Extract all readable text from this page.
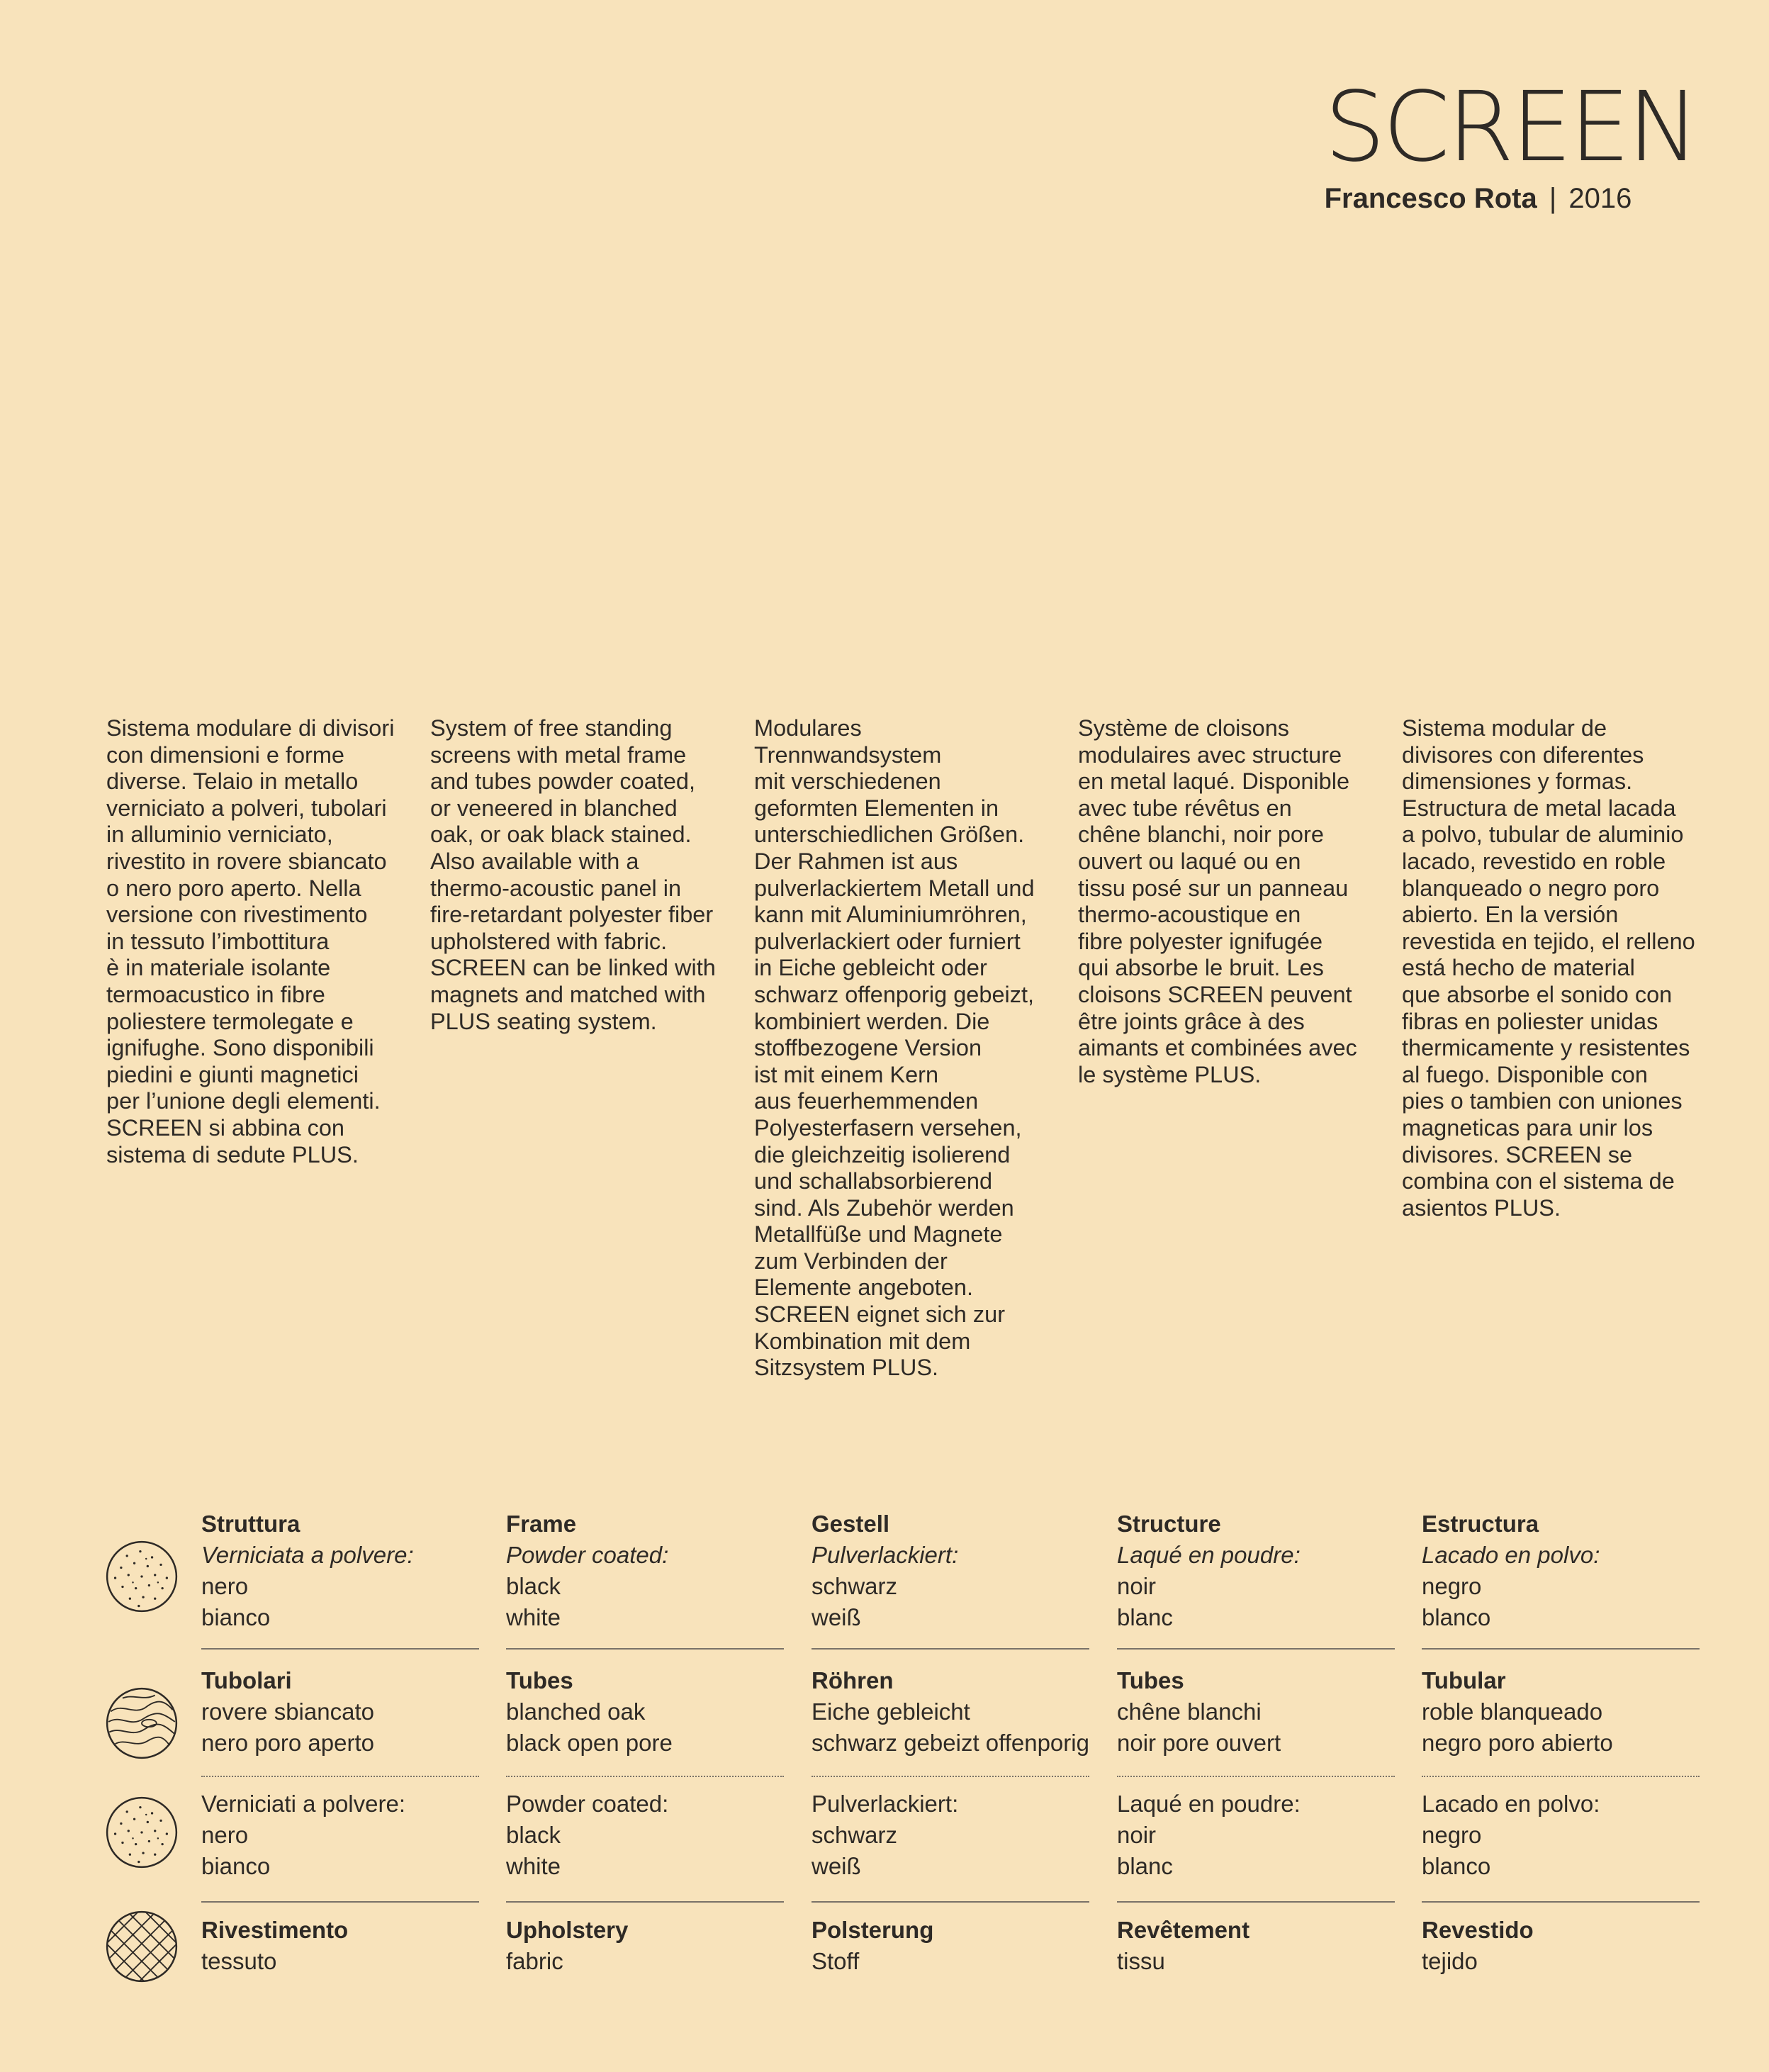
SCREEN
Francesco Rota | 2016
Sistema modulare di divisori
con dimensioni e forme
diverse. Telaio in metallo
verniciato a polveri, tubolari
in alluminio verniciato,
rivestito in rovere sbiancato
o nero poro aperto. Nella
versione con rivestimento
in tessuto l’imbottitura
è in materiale isolante
termoacustico in fibre
poliestere termolegate e
ignifughe. Sono disponibili
piedini e giunti magnetici
per l’unione degli elementi.
SCREEN si abbina con
sistema di sedute PLUS.
System of free standing
screens with metal frame
and tubes powder coated,
or veneered in blanched
oak, or oak black stained.
Also available with a
thermo-acoustic panel in
fire-retardant polyester fiber
upholstered with fabric.
SCREEN can be linked with
magnets and matched with
PLUS seating system.
Modulares
Trennwandsystem
mit verschiedenen
geformten Elementen in
unterschiedlichen Größen.
Der Rahmen ist aus
pulverlackiertem Metall und
kann mit Aluminiumröhren,
pulverlackiert oder furniert
in Eiche gebleicht oder
schwarz offenporig gebeizt,
kombiniert werden. Die
stoffbezogene Version
ist mit einem Kern
aus feuerhemmenden
Polyesterfasern versehen,
die gleichzeitig isolierend
und schallabsorbierend
sind. Als Zubehör werden
Metallfüße und Magnete
zum Verbinden der
Elemente angeboten.
SCREEN eignet sich zur
Kombination mit dem
Sitzsystem PLUS.
Système de cloisons
modulaires avec structure
en metal laqué. Disponible
avec tube révêtus en
chêne blanchi, noir pore
ouvert ou laqué ou en
tissu posé sur un panneau
thermo-acoustique en
fibre polyester ignifugée
qui absorbe le bruit. Les
cloisons SCREEN peuvent
être joints grâce à des
aimants et combinées avec
le système PLUS.
Sistema modular de
divisores con diferentes
dimensiones y formas.
Estructura de metal lacada
a polvo, tubular de aluminio
lacado, revestido en roble
blanqueado o negro poro
abierto. En la versión
revestida en tejido, el relleno
está hecho de material
que absorbe el sonido con
fibras en poliester unidas
thermicamente y resistentes
al fuego. Disponible con
pies o tambien con uniones
magneticas para unir los
divisores. SCREEN se
combina con el sistema de
asientos PLUS.
Struttura
Verniciata a polvere:
nero
bianco
Tubolari
rovere sbiancato
nero poro aperto
Verniciati a polvere:
nero
bianco
Rivestimento
tessuto
Frame
Powder coated:
black
white
Tubes
blanched oak
black open pore
Powder coated:
black
white
Upholstery
fabric
Gestell
Pulverlackiert:
schwarz
weiß
Röhren
Eiche gebleicht
schwarz gebeizt offenporig
Pulverlackiert:
schwarz
weiß
Polsterung
Stoff
Structure
Laqué en poudre:
noir
blanc
Tubes
chêne blanchi
noir pore ouvert
Laqué en poudre:
noir
blanc
Revêtement
tissu
Estructura
Lacado en polvo:
negro
blanco
Tubular
roble blanqueado
negro poro abierto
Lacado en polvo:
negro
blanco
Revestido
tejido
